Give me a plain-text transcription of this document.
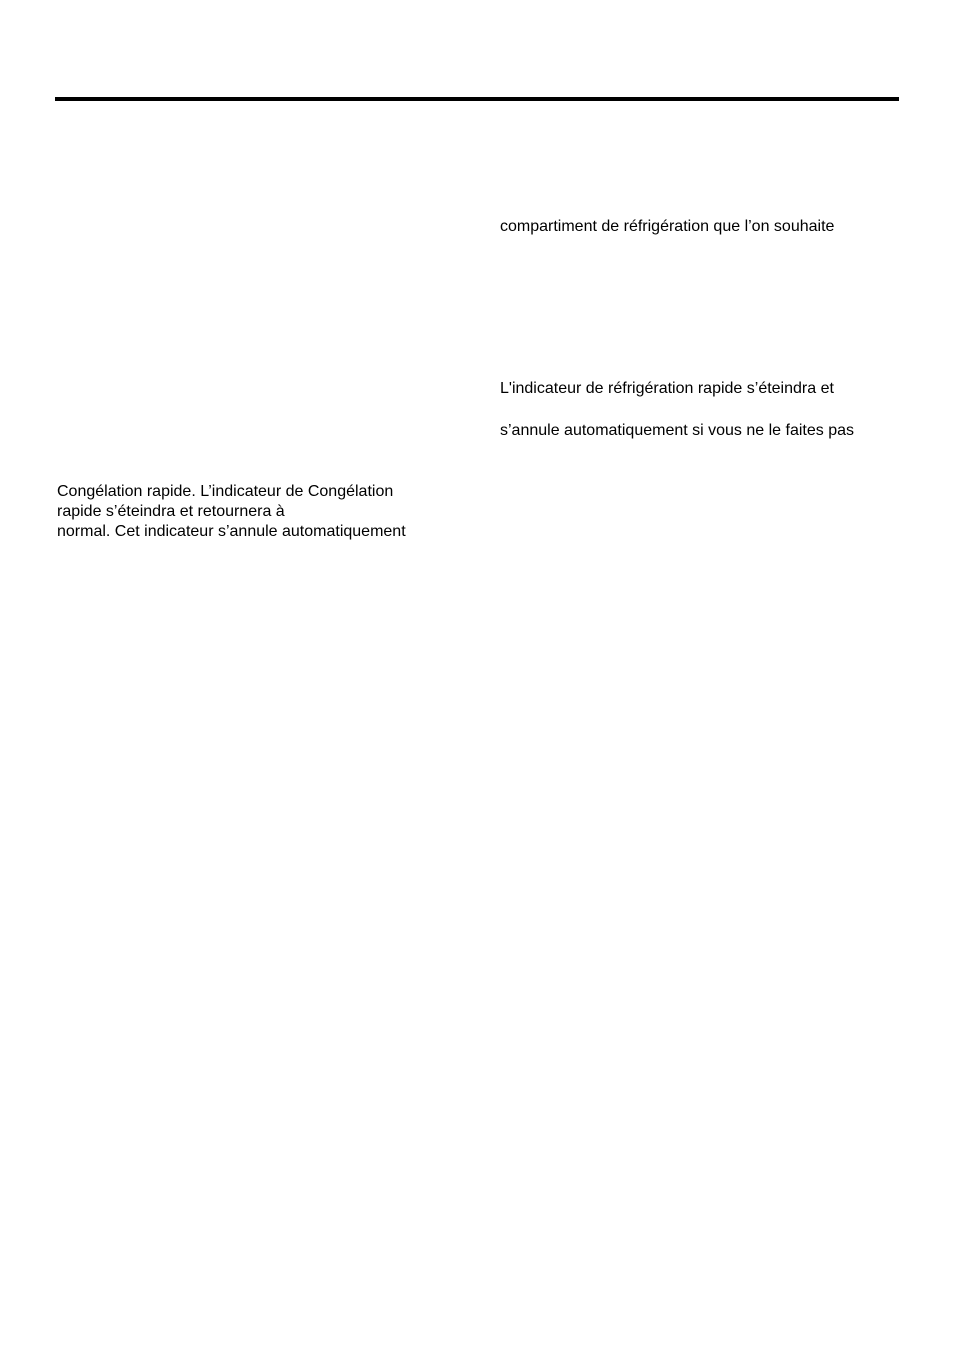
compartiment de réfrigération que l’on souhaite
L'indicateur de réfrigération rapide s’éteindra et
s’annule automatiquement si vous ne le faites pas
Congélation rapide. L’indicateur de Congélation
rapide s’éteindra et retournera à
normal. Cet indicateur s’annule automatiquement
